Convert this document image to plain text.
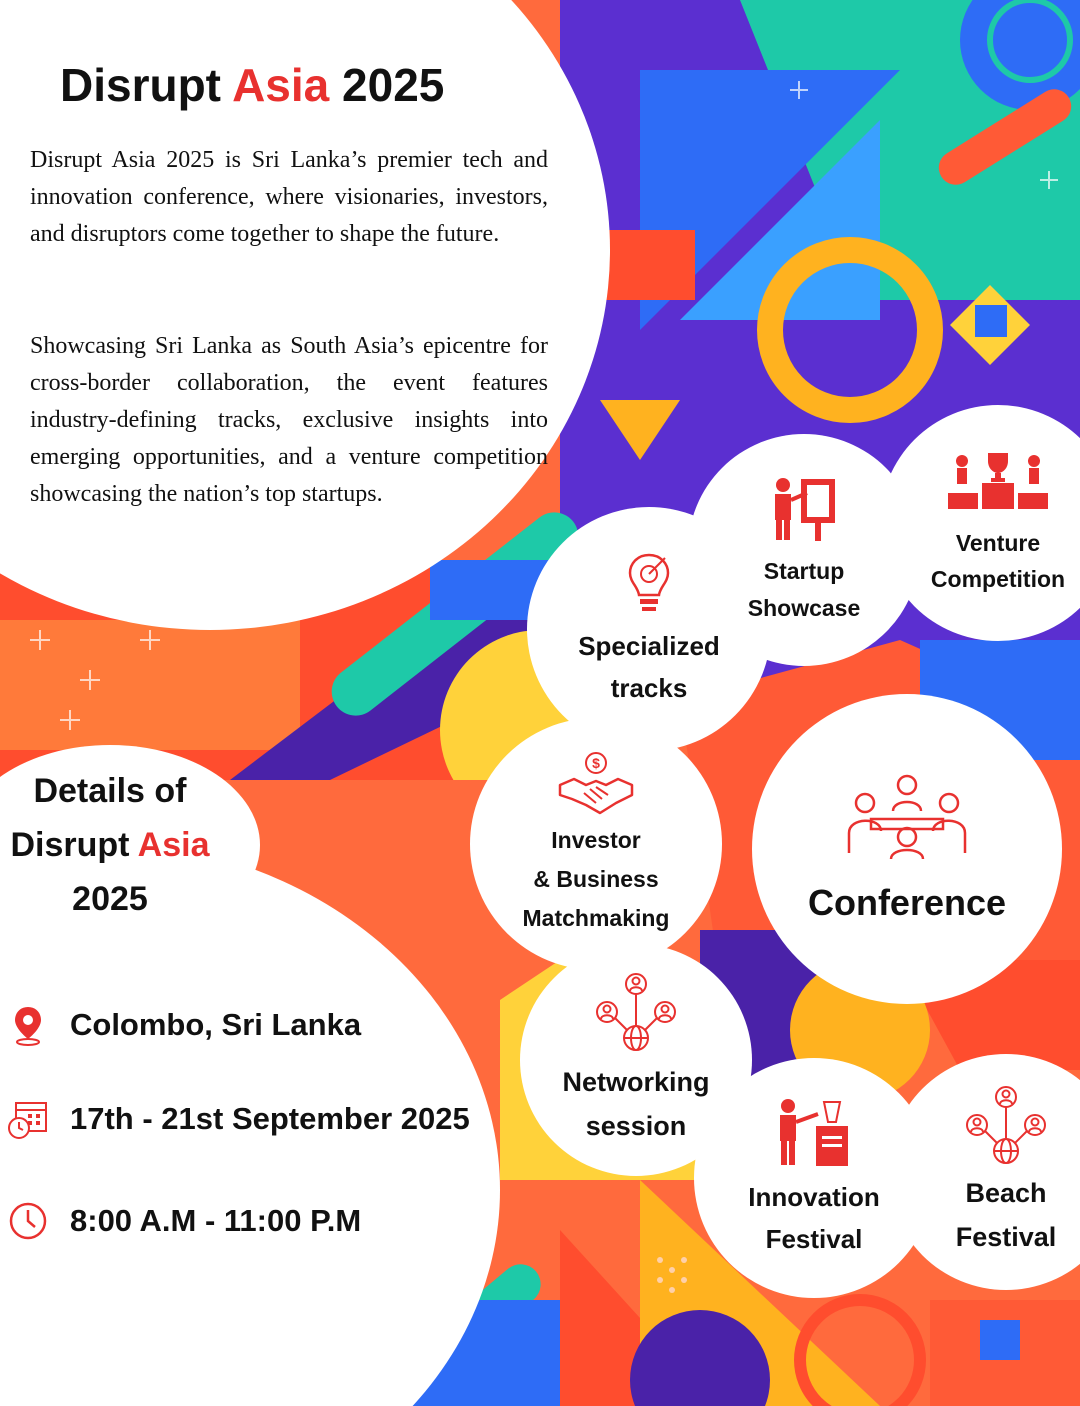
Disrupt Asia 2025

Disrupt Asia 2025 is Sri Lanka’s premier tech and innovation conference, where visionaries, investors, and disruptors come together to shape the future.

Showcasing Sri Lanka as South Asia’s epicentre for cross-border collaboration, the event features industry-defining tracks, exclusive insights into emerging opportunities, and a venture competition showcasing the nation’s top startups.

Details of
Disrupt Asia
2025
Colombo, Sri Lanka
17th - 21st September 2025
8:00 A.M - 11:00 P.M
Specialized
tracks
Startup
Showcase
Venture
Competition
$
Investor
& Business
Matchmaking	Conference
Networking
session
Innovation
Festival
Beach
Festival
